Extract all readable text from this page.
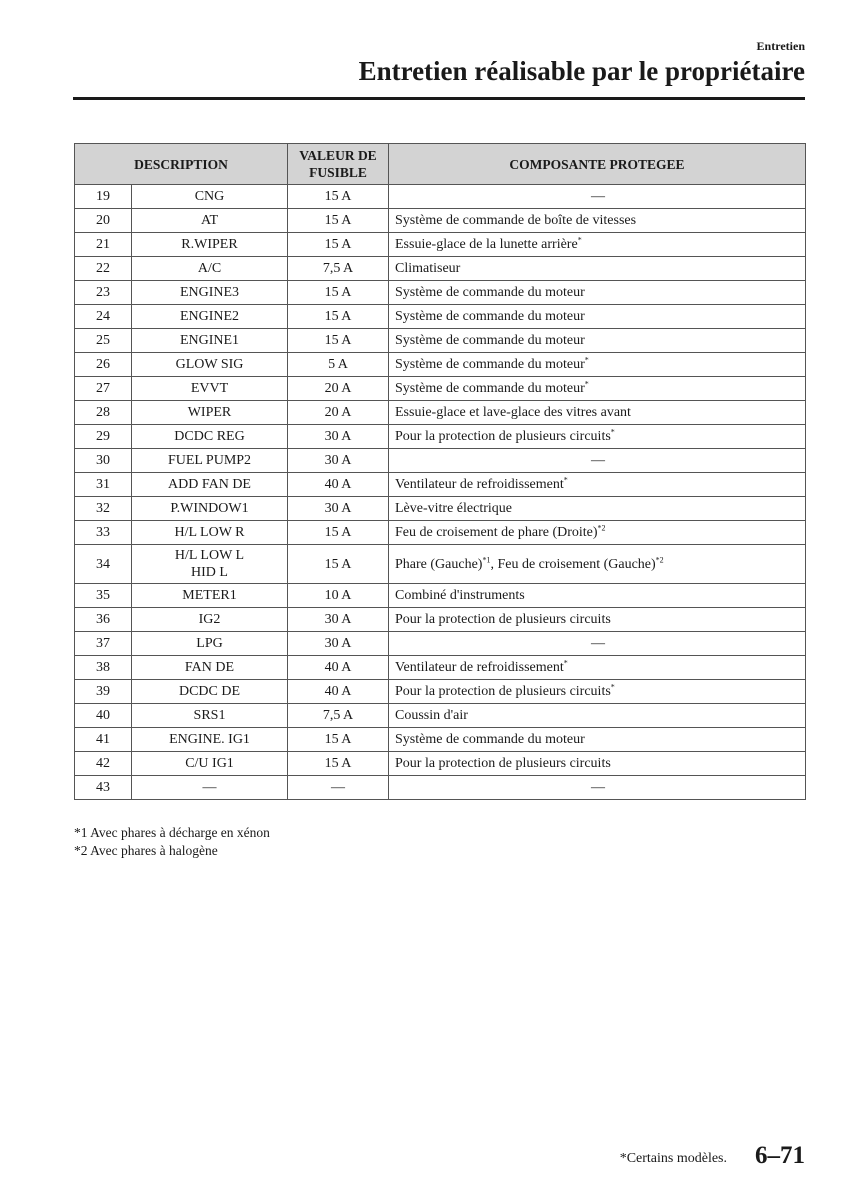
Entretien
Entretien réalisable par le propriétaire
DESCRIPTION		VALEUR DE
FUSIBLE	COMPOSANTE PROTEGEE
19	CNG	15 A	—
20	AT	15 A	Système de commande de boîte de vitesses
21	R.WIPER	15 A	Essuie-glace de la lunette arrière*
22	A/C	7,5 A	Climatiseur
23	ENGINE3	15 A	Système de commande du moteur
24	ENGINE2	15 A	Système de commande du moteur
25	ENGINE1	15 A	Système de commande du moteur
26	GLOW SIG	5 A	Système de commande du moteur*
27	EVVT	20 A	Système de commande du moteur*
28	WIPER	20 A	Essuie-glace et lave-glace des vitres avant
29	DCDC REG	30 A	Pour la protection de plusieurs circuits*
30	FUEL PUMP2	30 A	—
31	ADD FAN DE	40 A	Ventilateur de refroidissement*
32	P.WINDOW1	30 A	Lève-vitre électrique
33	H/L LOW R	15 A	Feu de croisement de phare (Droite)$^{*2}$
34	H/L LOW L
HID L	15 A	Phare (Gauche)$^{*1}$, Feu de croisement (Gauche)$^{*2}$
35	METER1	10 A	Combiné d'instruments
36	IG2	30 A	Pour la protection de plusieurs circuits
37	LPG	30 A	—
38	FAN DE	40 A	Ventilateur de refroidissement*
39	DCDC DE	40 A	Pour la protection de plusieurs circuits*
40	SRS1	7,5 A	Coussin d'air
41	ENGINE. IG1	15 A	Système de commande du moteur
42	C/U IG1	15 A	Pour la protection de plusieurs circuits
43	—	—	—
*1 Avec phares à décharge en xénon
*2 Avec phares à halogène
*Certains modèles. 6–71
